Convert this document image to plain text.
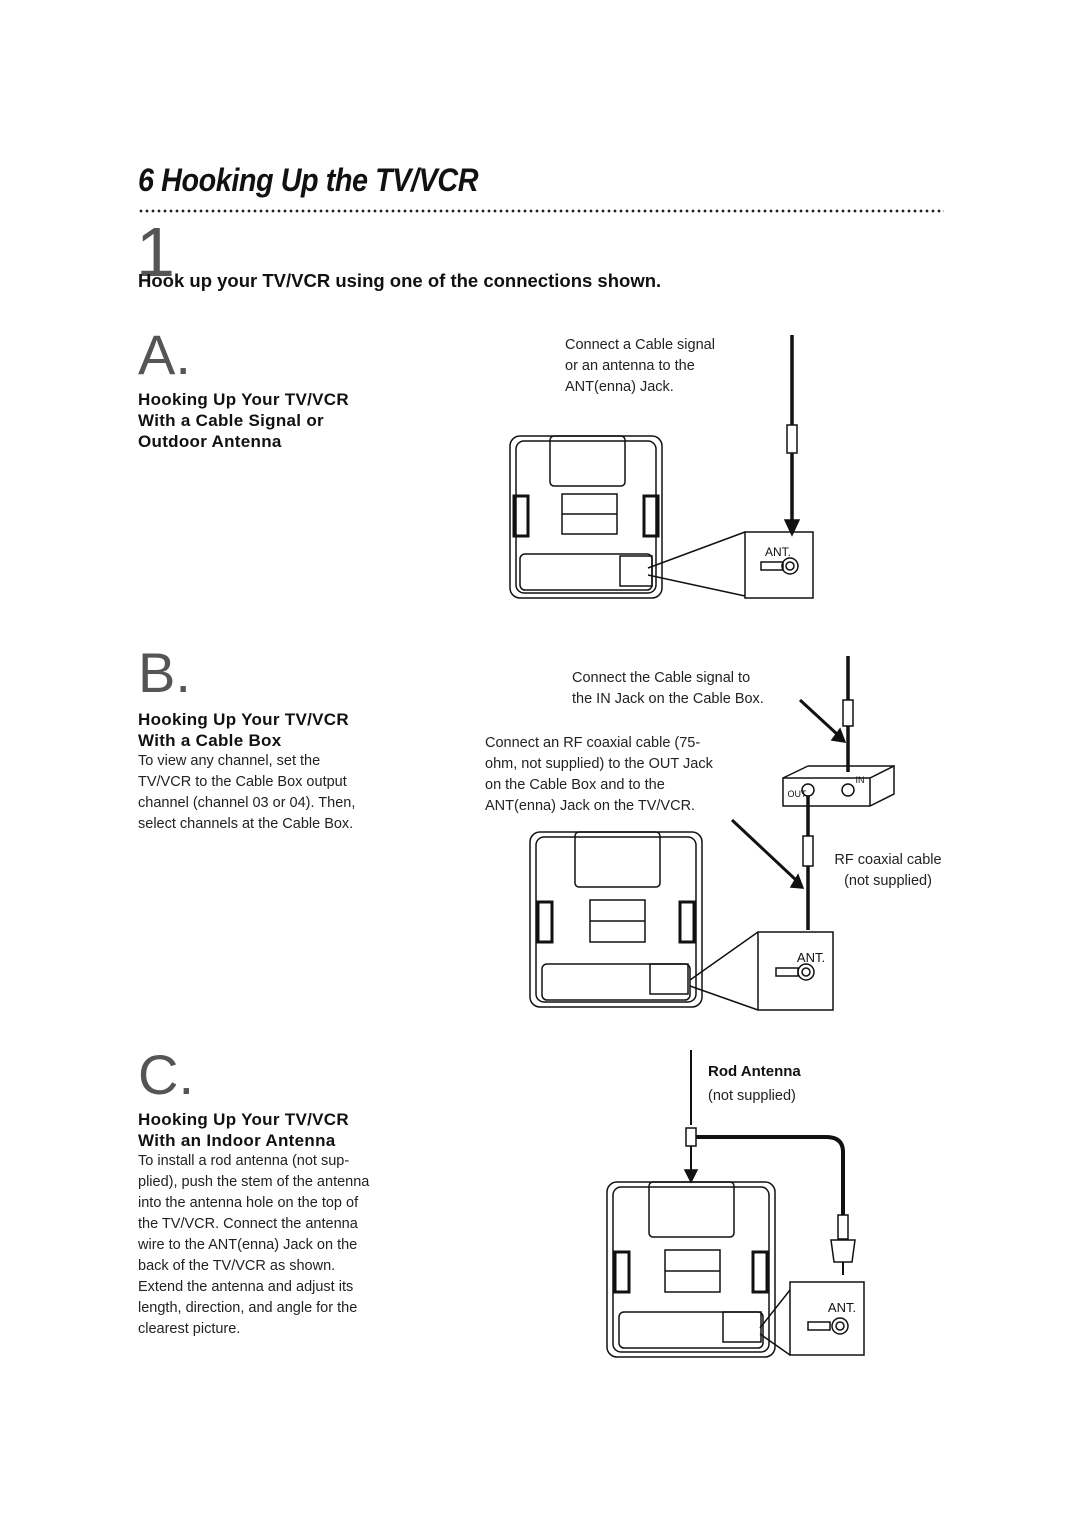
6 Hooking Up the TV/VCR
1
Hook up your TV/VCR using one of the connections shown.
A.
Hooking Up Your TV/VCR
With a Cable Signal or
Outdoor Antenna
Connect a Cable signal
or an antenna to the
ANT(enna) Jack.
B.
Hooking Up Your TV/VCR
With a Cable Box
To view any channel, set the
TV/VCR to the Cable Box output
channel (channel 03 or 04). Then,
select channels at the Cable Box.
Connect the Cable signal to
the IN Jack on the Cable Box.
Connect an RF coaxial cable (75-
ohm, not supplied) to the OUT Jack
on the Cable Box and to the
ANT(enna) Jack on the TV/VCR.
RF coaxial cable
(not supplied)
C.
Hooking Up Your TV/VCR
With an Indoor Antenna
To install a rod antenna (not sup-
plied), push the stem of the antenna
into the antenna hole on the top of
the TV/VCR. Connect the antenna
wire to the ANT(enna) Jack on the
back of the TV/VCR as shown.
Extend the antenna and adjust its
length, direction, and angle for the
clearest picture.
Rod Antenna
(not supplied)
ANT.
OUT
IN
ANT.
ANT.
